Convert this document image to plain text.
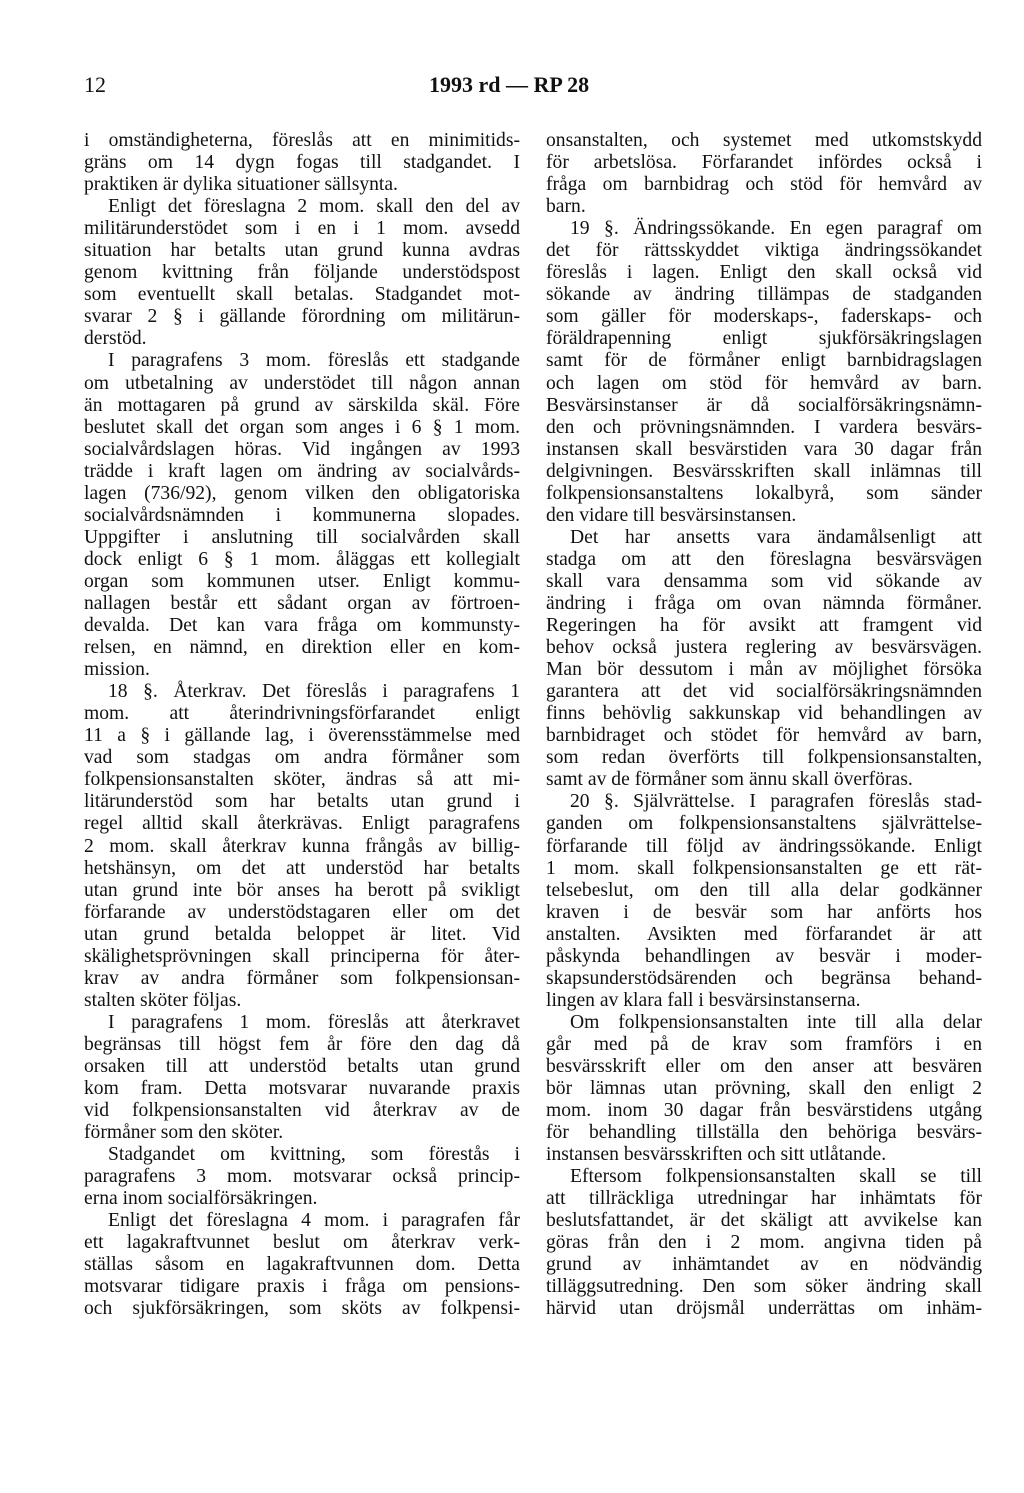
12	1993 rd — RP 28
i omständigheterna, föreslås att en minimitids-
gräns om 14 dygn fogas till stadgandet. I
praktiken är dylika situationer sällsynta.
Enligt det föreslagna 2 mom. skall den del av
militärunderstödet som i en i 1 mom. avsedd
situation har betalts utan grund kunna avdras
genom kvittning från följande understödspost
som eventuellt skall betalas. Stadgandet mot-
svarar 2 § i gällande förordning om militärun-
derstöd.
I paragrafens 3 mom. föreslås ett stadgande
om utbetalning av understödet till någon annan
än mottagaren på grund av särskilda skäl. Före
beslutet skall det organ som anges i 6 § 1 mom.
socialvårdslagen höras. Vid ingången av 1993
trädde i kraft lagen om ändring av socialvårds-
lagen (736/92), genom vilken den obligatoriska
socialvårdsnämnden i kommunerna slopades.
Uppgifter i anslutning till socialvården skall
dock enligt 6 § 1 mom. åläggas ett kollegialt
organ som kommunen utser. Enligt kommu-
nallagen består ett sådant organ av förtroen-
devalda. Det kan vara fråga om kommunsty-
relsen, en nämnd, en direktion eller en kom-
mission.
18 §. Återkrav. Det föreslås i paragrafens 1
mom. att återindrivningsförfarandet enligt
11 a § i gällande lag, i överensstämmelse med
vad som stadgas om andra förmåner som
folkpensionsanstalten sköter, ändras så att mi-
litärunderstöd som har betalts utan grund i
regel alltid skall återkrävas. Enligt paragrafens
2 mom. skall återkrav kunna frångås av billig-
hetshänsyn, om det att understöd har betalts
utan grund inte bör anses ha berott på svikligt
förfarande av understödstagaren eller om det
utan grund betalda beloppet är litet. Vid
skälighetsprövningen skall principerna för åter-
krav av andra förmåner som folkpensionsan-
stalten sköter följas.
I paragrafens 1 mom. föreslås att återkravet
begränsas till högst fem år före den dag då
orsaken till att understöd betalts utan grund
kom fram. Detta motsvarar nuvarande praxis
vid folkpensionsanstalten vid återkrav av de
förmåner som den sköter.
Stadgandet om kvittning, som förestås i
paragrafens 3 mom. motsvarar också princip-
erna inom socialförsäkringen.
Enligt det föreslagna 4 mom. i paragrafen får
ett lagakraftvunnet beslut om återkrav verk-
ställas såsom en lagakraftvunnen dom. Detta
motsvarar tidigare praxis i fråga om pensions-
och sjukförsäkringen, som sköts av folkpensi-
onsanstalten, och systemet med utkomstskydd
för arbetslösa. Förfarandet infördes också i
fråga om barnbidrag och stöd för hemvård av
barn.
19 §. Ändringssökande. En egen paragraf om
det för rättsskyddet viktiga ändringssökandet
föreslås i lagen. Enligt den skall också vid
sökande av ändring tillämpas de stadganden
som gäller för moderskaps-, faderskaps- och
föräldrapenning enligt sjukförsäkringslagen
samt för de förmåner enligt barnbidragslagen
och lagen om stöd för hemvård av barn.
Besvärsinstanser är då socialförsäkringsnämn-
den och prövningsnämnden. I vardera besvärs-
instansen skall besvärstiden vara 30 dagar från
delgivningen. Besvärsskriften skall inlämnas till
folkpensionsanstaltens lokalbyrå, som sänder
den vidare till besvärsinstansen.
Det har ansetts vara ändamålsenligt att
stadga om att den föreslagna besvärsvägen
skall vara densamma som vid sökande av
ändring i fråga om ovan nämnda förmåner.
Regeringen ha för avsikt att framgent vid
behov också justera reglering av besvärsvägen.
Man bör dessutom i mån av möjlighet försöka
garantera att det vid socialförsäkringsnämnden
finns behövlig sakkunskap vid behandlingen av
barnbidraget och stödet för hemvård av barn,
som redan överförts till folkpensionsanstalten,
samt av de förmåner som ännu skall överföras.
20 §. Självrättelse. I paragrafen föreslås stad-
ganden om folkpensionsanstaltens självrättelse-
förfarande till följd av ändringssökande. Enligt
1 mom. skall folkpensionsanstalten ge ett rät-
telsebeslut, om den till alla delar godkänner
kraven i de besvär som har anförts hos
anstalten. Avsikten med förfarandet är att
påskynda behandlingen av besvär i moder-
skapsunderstödsärenden och begränsa behand-
lingen av klara fall i besvärsinstanserna.
Om folkpensionsanstalten inte till alla delar
går med på de krav som framförs i en
besvärsskrift eller om den anser att besvären
bör lämnas utan prövning, skall den enligt 2
mom. inom 30 dagar från besvärstidens utgång
för behandling tillställa den behöriga besvärs-
instansen besvärsskriften och sitt utlåtande.
Eftersom folkpensionsanstalten skall se till
att tillräckliga utredningar har inhämtats för
beslutsfattandet, är det skäligt att avvikelse kan
göras från den i 2 mom. angivna tiden på
grund av inhämtandet av en nödvändig
tilläggsutredning. Den som söker ändring skall
härvid utan dröjsmål underrättas om inhäm-
